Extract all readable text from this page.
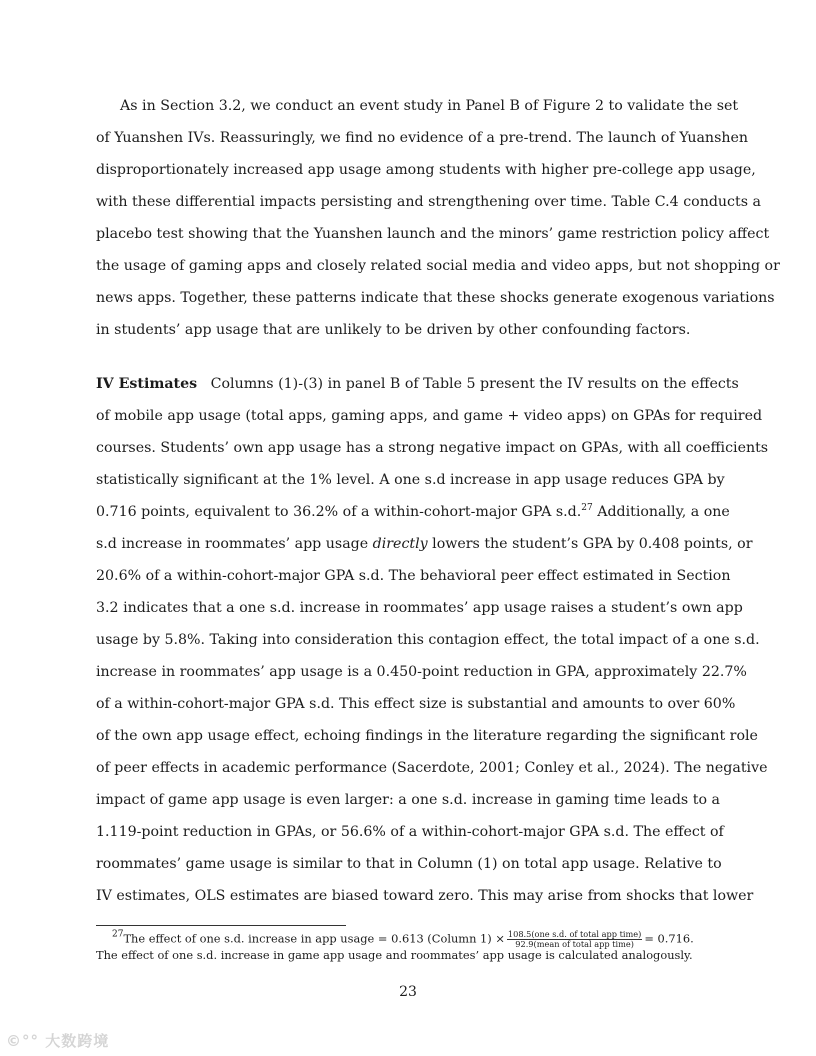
As in Section 3.2, we conduct an event study in Panel B of Figure 2 to validate the set
of Yuanshen IVs. Reassuringly, we find no evidence of a pre-trend. The launch of Yuanshen
disproportionately increased app usage among students with higher pre-college app usage,
with these differential impacts persisting and strengthening over time. Table C.4 conducts a
placebo test showing that the Yuanshen launch and the minors’ game restriction policy affect
the usage of gaming apps and closely related social media and video apps, but not shopping or
news apps. Together, these patterns indicate that these shocks generate exogenous variations
in students’ app usage that are unlikely to be driven by other confounding factors.
IV Estimates Columns (1)-(3) in panel B of Table 5 present the IV results on the effects
of mobile app usage (total apps, gaming apps, and game + video apps) on GPAs for required
courses. Students’ own app usage has a strong negative impact on GPAs, with all coefficients
statistically significant at the 1% level. A one s.d increase in app usage reduces GPA by
0.716 points, equivalent to 36.2% of a within-cohort-major GPA s.d.$^{27}$ Additionally, a one
s.d increase in roommates’ app usage directly lowers the student’s GPA by 0.408 points, or
20.6% of a within-cohort-major GPA s.d. The behavioral peer effect estimated in Section
3.2 indicates that a one s.d. increase in roommates’ app usage raises a student’s own app
usage by 5.8%. Taking into consideration this contagion effect, the total impact of a one s.d.
increase in roommates’ app usage is a 0.450-point reduction in GPA, approximately 22.7%
of a within-cohort-major GPA s.d. This effect size is substantial and amounts to over 60%
of the own app usage effect, echoing findings in the literature regarding the significant role
of peer effects in academic performance (Sacerdote, 2001; Conley et al., 2024). The negative
impact of game app usage is even larger: a one s.d. increase in gaming time leads to a
1.119-point reduction in GPAs, or 56.6% of a within-cohort-major GPA s.d. The effect of
roommates’ game usage is similar to that in Column (1) on total app usage. Relative to
IV estimates, OLS estimates are biased toward zero. This may arise from shocks that lower
$^{27}$The effect of one s.d. increase in app usage = 0.613 (Column $1) \times \frac{\text{108.5(one s.d. of total app time)}}{\text{92.9(mean of total app time)}} = 0.716$.
The effect of one s.d. increase in game app usage and roommates’ app usage is calculated analogously.
23
©°° 大数跨境
